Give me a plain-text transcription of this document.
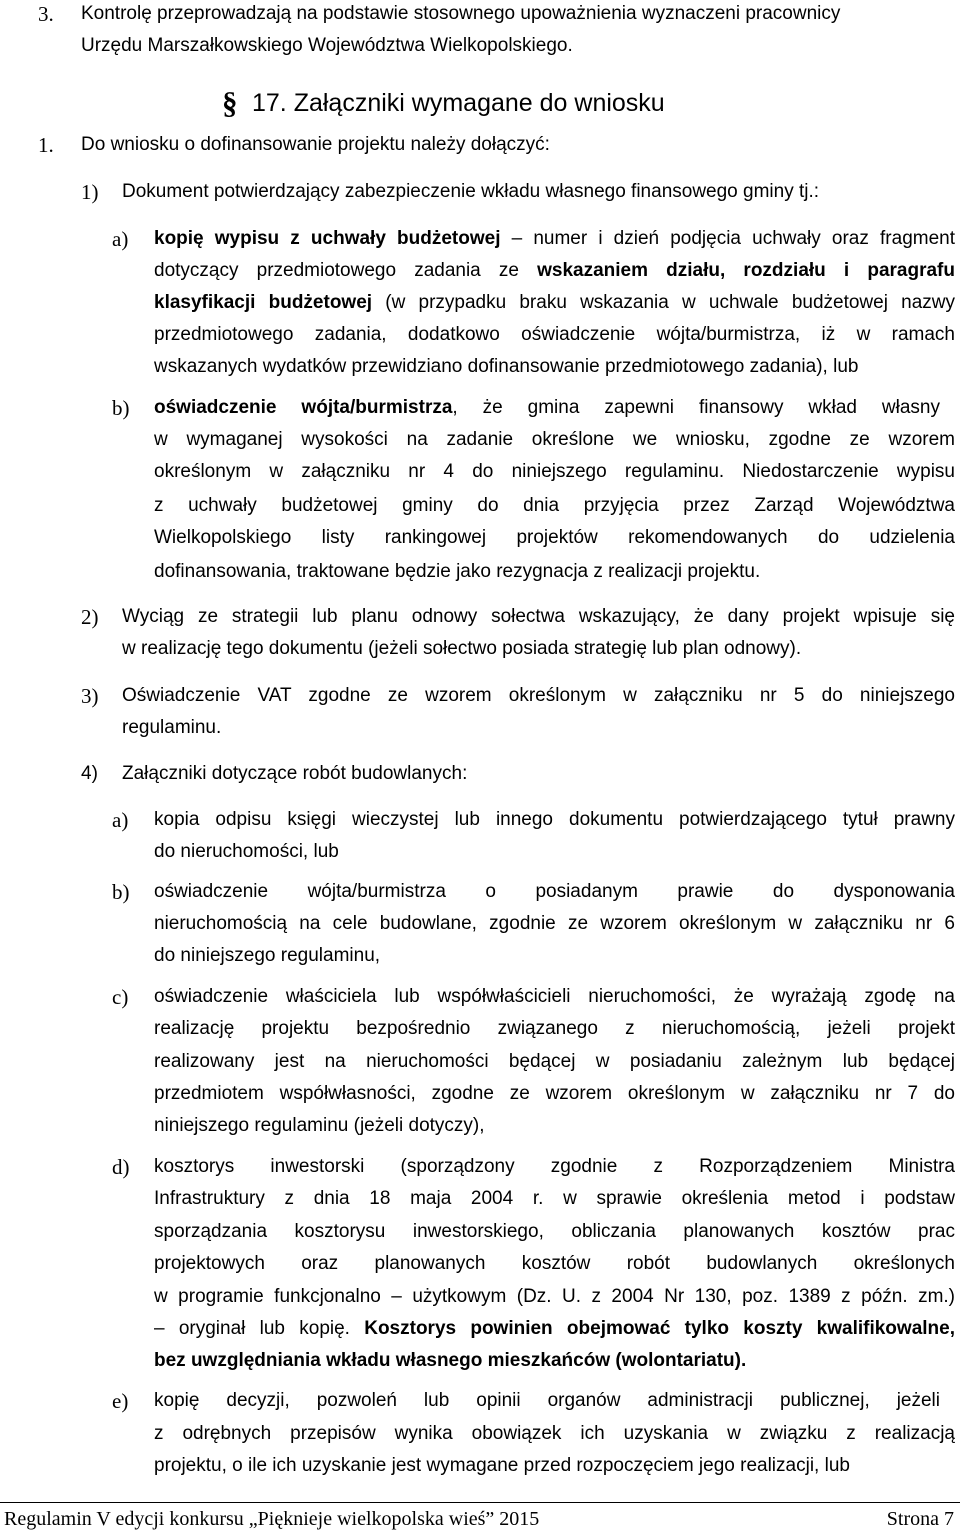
3. Kontrolę przeprowadzają na podstawie stosownego upoważnienia wyznaczeni pracownicy
Urzędu Marszałkowskiego Województwa Wielkopolskiego.
§ 17. Załączniki wymagane do wniosku
1. Do wniosku o dofinansowanie projektu należy dołączyć:
1) Dokument potwierdzający zabezpieczenie wkładu własnego finansowego gminy tj.:
a) kopię wypisu z uchwały budżetowej – numer i dzień podjęcia uchwały oraz fragment
dotyczący przedmiotowego zadania ze wskazaniem działu, rozdziału i paragrafu
klasyfikacji budżetowej (w przypadku braku wskazania w uchwale budżetowej nazwy
przedmiotowego zadania, dodatkowo oświadczenie wójta/burmistrza, iż w ramach
wskazanych wydatków przewidziano dofinansowanie przedmiotowego zadania), lub
b) oświadczenie wójta/burmistrza, że gmina zapewni finansowy wkład własny
w wymaganej wysokości na zadanie określone we wniosku, zgodne ze wzorem
określonym w załączniku nr 4 do niniejszego regulaminu. Niedostarczenie wypisu
z uchwały budżetowej gminy do dnia przyjęcia przez Zarząd Województwa
Wielkopolskiego listy rankingowej projektów rekomendowanych do udzielenia
dofinansowania, traktowane będzie jako rezygnacja z realizacji projektu.
2) Wyciąg ze strategii lub planu odnowy sołectwa wskazujący, że dany projekt wpisuje się
w realizację tego dokumentu (jeżeli sołectwo posiada strategię lub plan odnowy).
3) Oświadczenie VAT zgodne ze wzorem określonym w załączniku nr 5 do niniejszego
regulaminu.
4) Załączniki dotyczące robót budowlanych:
a) kopia odpisu księgi wieczystej lub innego dokumentu potwierdzającego tytuł prawny
do nieruchomości, lub
b) oświadczenie wójta/burmistrza o posiadanym prawie do dysponowania
nieruchomością na cele budowlane, zgodnie ze wzorem określonym w załączniku nr 6
do niniejszego regulaminu,
c) oświadczenie właściciela lub współwłaścicieli nieruchomości, że wyrażają zgodę na
realizację projektu bezpośrednio związanego z nieruchomością, jeżeli projekt
realizowany jest na nieruchomości będącej w posiadaniu zależnym lub będącej
przedmiotem współwłasności, zgodne ze wzorem określonym w załączniku nr 7 do
niniejszego regulaminu (jeżeli dotyczy),
d) kosztorys inwestorski (sporządzony zgodnie z Rozporządzeniem Ministra
Infrastruktury z dnia 18 maja 2004 r. w sprawie określenia metod i podstaw
sporządzania kosztorysu inwestorskiego, obliczania planowanych kosztów prac
projektowych oraz planowanych kosztów robót budowlanych określonych
w programie funkcjonalno – użytkowym (Dz. U. z 2004 Nr 130, poz. 1389 z późn. zm.)
– oryginał lub kopię. Kosztorys powinien obejmować tylko koszty kwalifikowalne,
bez uwzględniania wkładu własnego mieszkańców (wolontariatu).
e) kopię decyzji, pozwoleń lub opinii organów administracji publicznej, jeżeli
z odrębnych przepisów wynika obowiązek ich uzyskania w związku z realizacją
projektu, o ile ich uzyskanie jest wymagane przed rozpoczęciem jego realizacji, lub
Regulamin V edycji konkursu „Pięknieje wielkopolska wieś” 2015	Strona 7
